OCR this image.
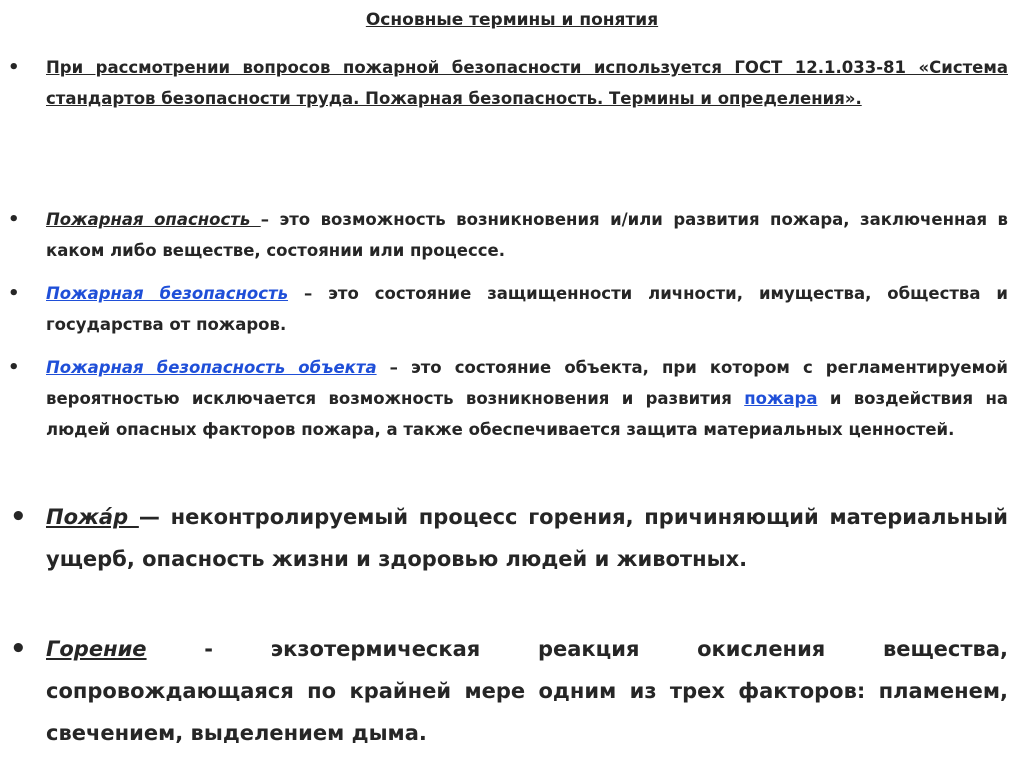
Основные термины и понятия
• При рассмотрении вопросов пожарной безопасности используется ГОСТ 12.1.033-81 «Система стандартов безопасности труда. Пожарная безопасность. Термины и определения».
• Пожарная опасность – это возможность возникновения и/или развития пожара, заключенная в каком либо веществе, состоянии или процессе.
• Пожарная безопасность – это состояние защищенности личности, имущества, общества и государства от пожаров.
• Пожарная безопасность объекта – это состояние объекта, при котором с регламентируемой вероятностью исключается возможность возникновения и развития пожара и воздействия на людей опасных факторов пожара, а также обеспечивается защита материальных ценностей.
• Пожа́р — неконтролируемый процесс горения, причиняющий материальный ущерб, опасность жизни и здоровью людей и животных.
• Горение - экзотермическая реакция окисления вещества, сопровождающаяся по крайней мере одним из трех факторов: пламенем, свечением, выделением дыма.
